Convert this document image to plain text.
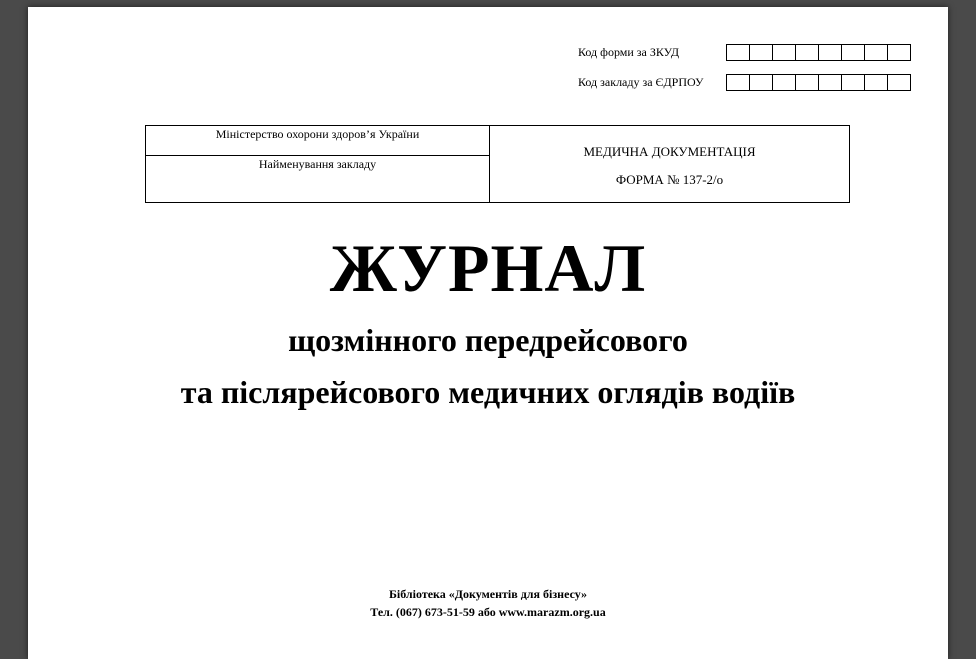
Код форми за ЗКУД
Код закладу за ЄДРПОУ
Міністерство охорони здоров’я України
Найменування закладу
МЕДИЧНА ДОКУМЕНТАЦІЯ
ФОРМА № 137-2/о
ЖУРНАЛ
щозмінного передрейсового
та післярейсового медичних оглядів водіїв
Бібліотека «Документів для бізнесу»
Тел. (067) 673-51-59 або www.marazm.org.ua
